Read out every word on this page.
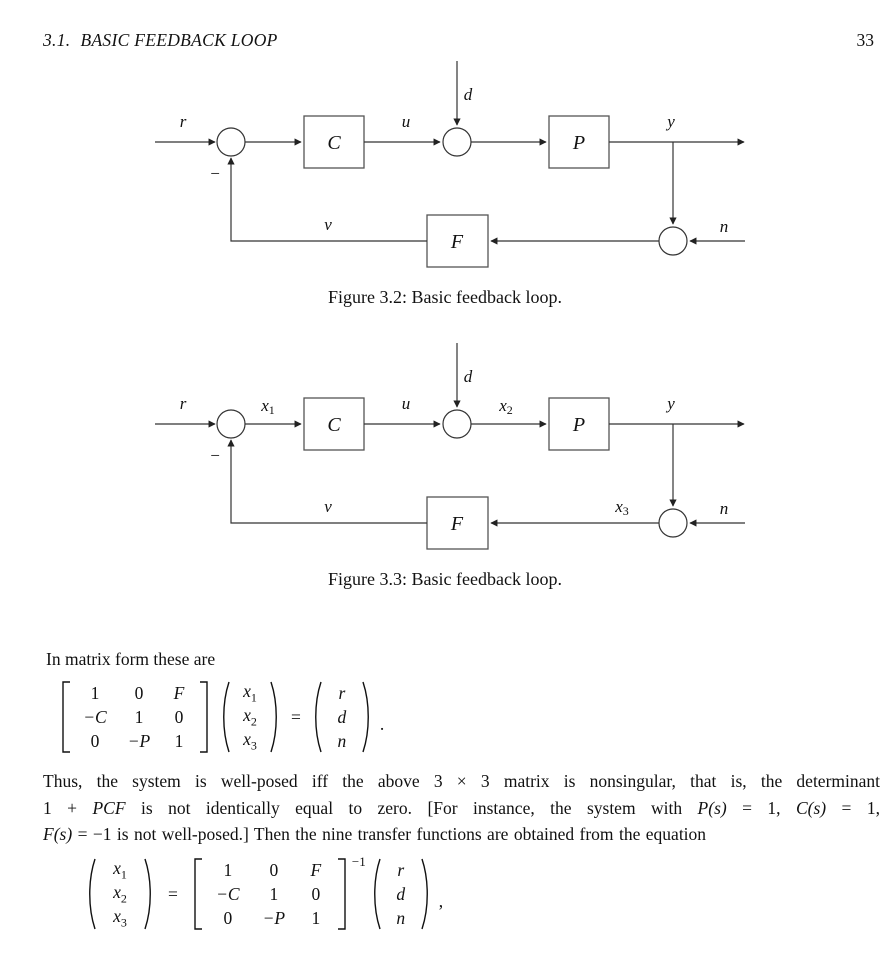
3.1. BASIC FEEDBACK LOOP	33
r	u
d
y
n
v
−
C	P
F
Figure 3.2: Basic feedback loop.
r	x1	u
d
x2	y
n
v	x3
−
C	P
F
Figure 3.3: Basic feedback loop.
In matrix form these are
1 0 F
−C 1 0
0 −P 1
$x_1$
$x_2$
$x_3$
=
r
d
n
.
Thus, the system is well-posed iff the above 3 × 3 matrix is nonsingular, that is, the determinant
1 + PCF is not identically equal to zero. [For instance, the system with P(s) = 1, C(s) = 1,
F(s) = −1 is not well-posed.] Then the nine transfer functions are obtained from the equation
$x_1$
$x_2$
$x_3$
=
1 0 F
−C 1 0
0 −P 1
−1 r
d
n
,
